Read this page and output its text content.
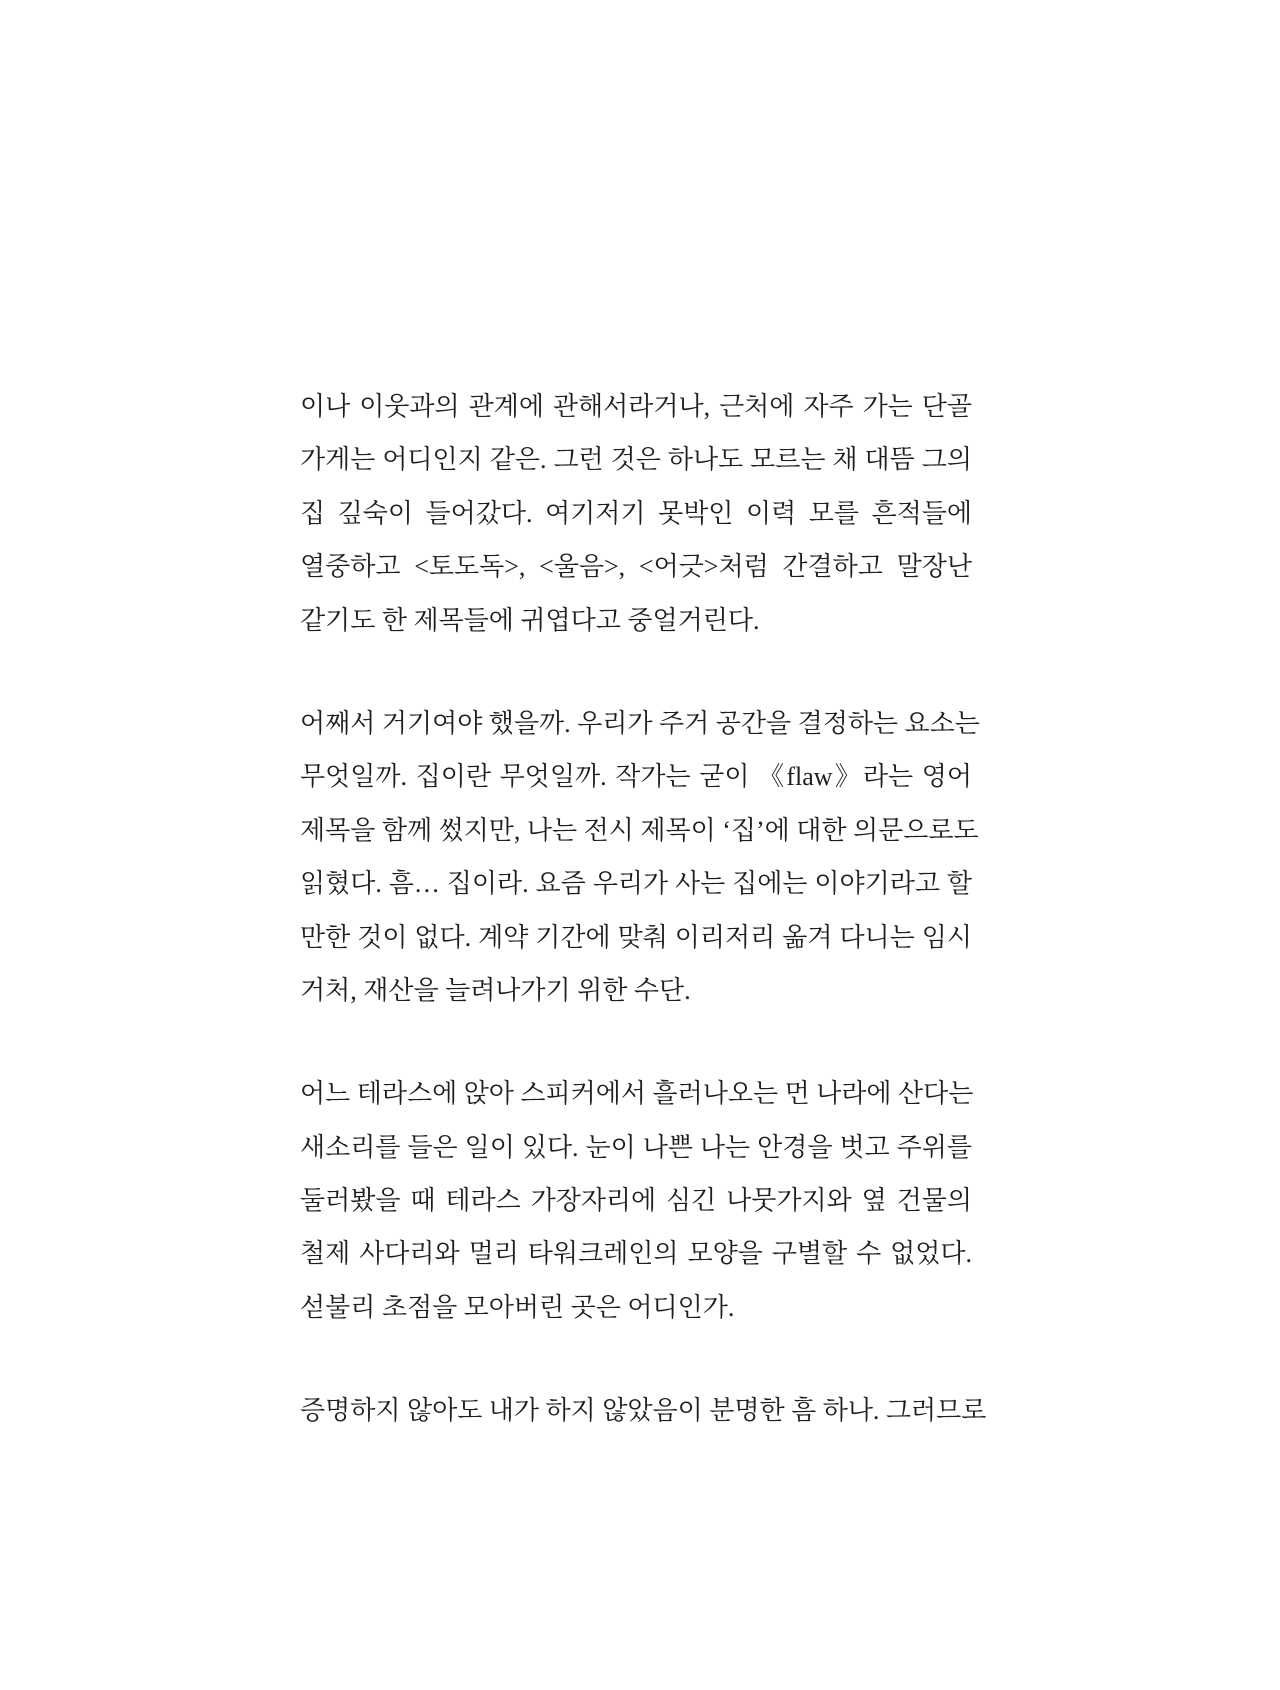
이나 이웃과의 관계에 관해서라거나, 근처에 자주 가는 단골
가게는 어디인지 같은. 그런 것은 하나도 모르는 채 대뜸 그의
집 깊숙이 들어갔다. 여기저기 못박인 이력 모를 흔적들에
열중하고 <토도독>, <울음>, <어긋>처럼 간결하고 말장난
같기도 한 제목들에 귀엽다고 중얼거린다.
어째서 거기여야 했을까. 우리가 주거 공간을 결정하는 요소는
무엇일까. 집이란 무엇일까. 작가는 굳이 《flaw》라는 영어
제목을 함께 썼지만, 나는 전시 제목이 ‘집’에 대한 의문으로도
읽혔다. 흠… 집이라. 요즘 우리가 사는 집에는 이야기라고 할
만한 것이 없다. 계약 기간에 맞춰 이리저리 옮겨 다니는 임시
거처, 재산을 늘려나가기 위한 수단.
어느 테라스에 앉아 스피커에서 흘러나오는 먼 나라에 산다는
새소리를 들은 일이 있다. 눈이 나쁜 나는 안경을 벗고 주위를
둘러봤을 때 테라스 가장자리에 심긴 나뭇가지와 옆 건물의
철제 사다리와 멀리 타워크레인의 모양을 구별할 수 없었다.
섣불리 초점을 모아버린 곳은 어디인가.
증명하지 않아도 내가 하지 않았음이 분명한 흠 하나. 그러므로
